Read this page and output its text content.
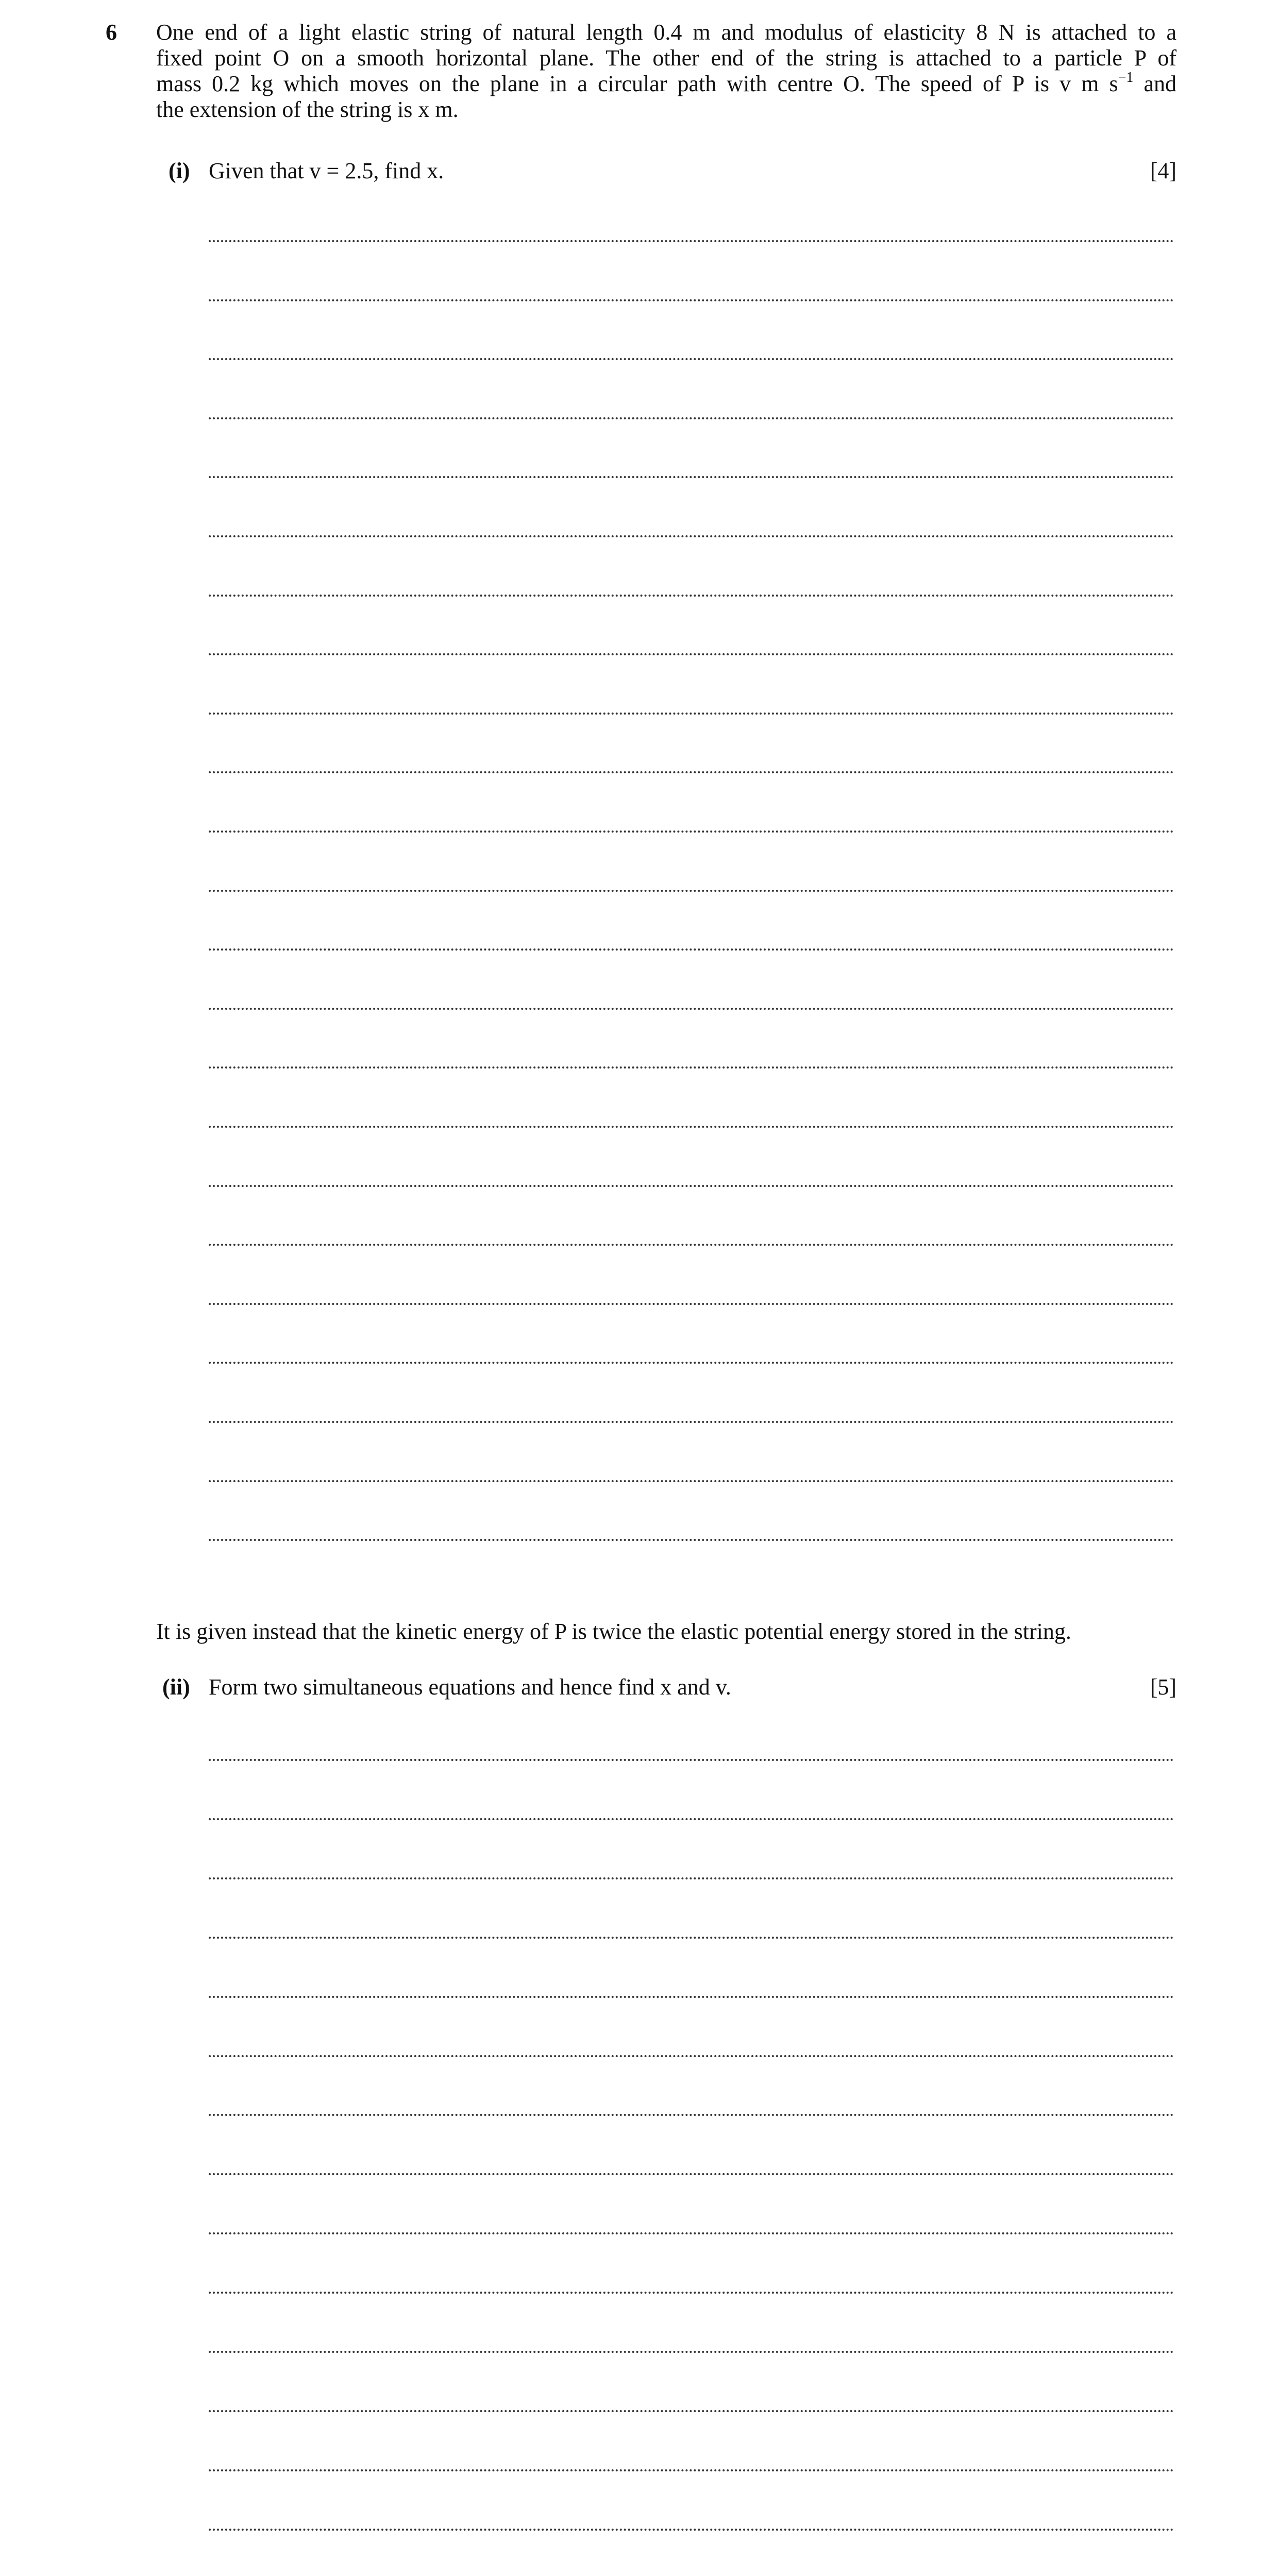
6 One end of a light elastic string of natural length 0.4 m and modulus of elasticity 8 N is attached to a
fixed point O on a smooth horizontal plane. The other end of the string is attached to a particle P of
mass 0.2 kg which moves on the plane in a circular path with centre O. The speed of P is v m $s^{-1}$ and
the extension of the string is x m.
(i) Given that v = 2.5, find x.	[4]
It is given instead that the kinetic energy of P is twice the elastic potential energy stored in the string.
(ii) Form two simultaneous equations and hence find x and v.	[5]
